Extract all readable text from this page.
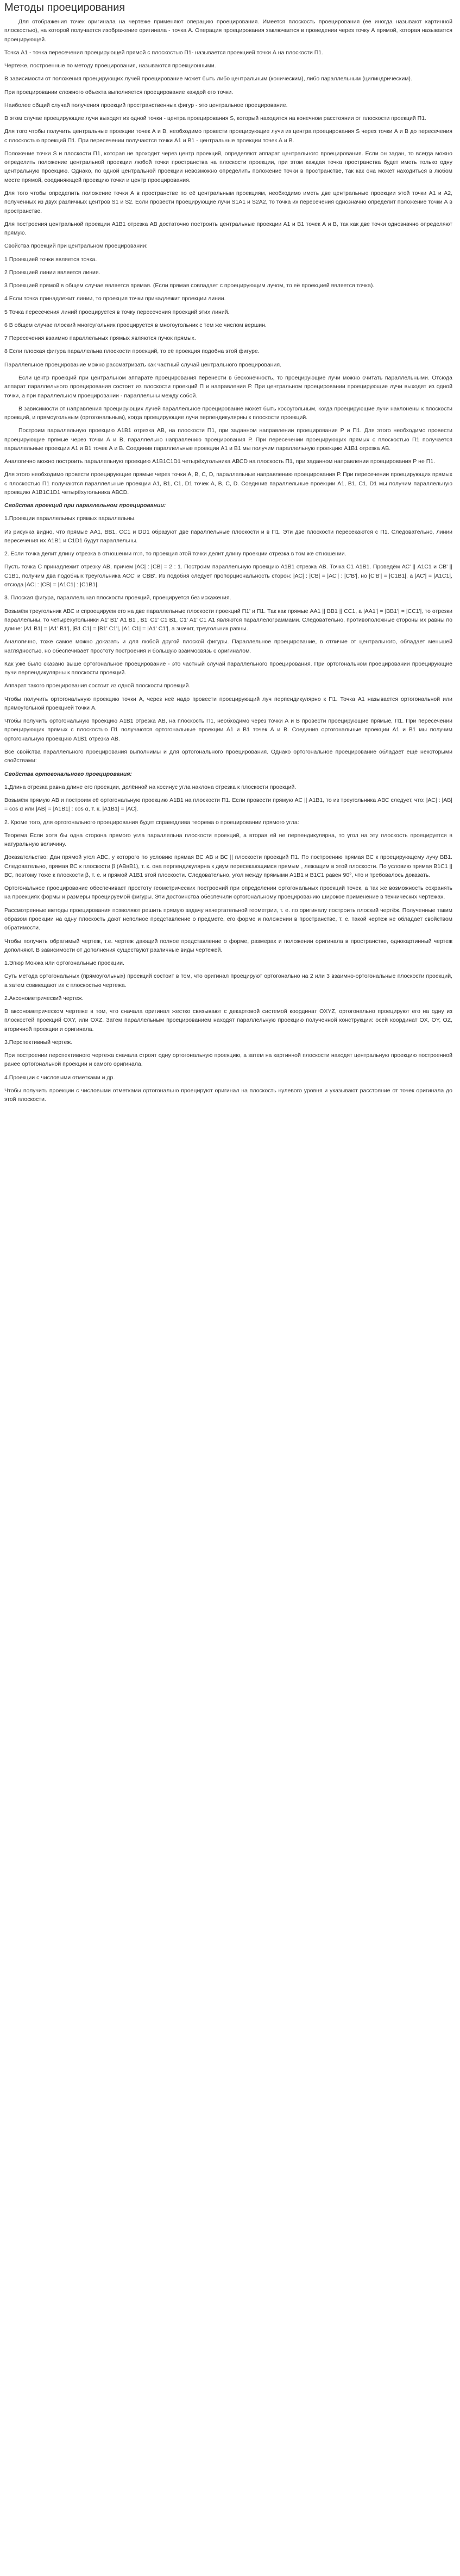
Методы проецирования

Для отображения точек оригинала на чертеже применяют операцию проецирования. Имеется плоскость проецирования (ее иногда называют картинной плоскостью), на которой получается изображение оригинала - точка А. Операция проецирования заключается в проведении через точку А прямой, которая называется проецирующей.

Точка А1 - точка пересечения проецирующей прямой с плоскостью П1- называется проекцией точки А на плоскости П1.

Чертеже, построенные по методу проецирования, называются проекционными.

В зависимости от положения проецирующих лучей проецирование может быть либо центральным (коническим), либо параллельным (цилиндрическим).

При проецировании сложного объекта выполняется проецирование каждой его точки.

Наиболее общий случай получения проекций пространственных фигур - это центральное проецирование.

В этом случае проецирующие лучи выходят из одной точки - центра проецирования S, который находится на конечном расстоянии от плоскости проекций П1.

Для того чтобы получить центральные проекции точек А и В, необходимо провести проецирующие лучи из центра проецирования S через точки А и В до пересечения с плоскостью проекций П1. При пересечении получаются точки А1 и В1 - центральные проекции точек А и В.

Положение точки S и плоскости П1, которая не проходит через центр проекций, определяют аппарат центрального проецирования. Если он задан, то всегда можно определить положение центральной проекции любой точки пространства на плоскости проекции, при этом каждая точка пространства будет иметь только одну центральную проекцию. Однако, по одной центральной проекции невозможно определить положение точки в пространстве, так как она может находиться в любом месте прямой, соединяющей проекцию точки и центр проецирования.

Для того чтобы определить положение точки А в пространстве по её центральным проекциям, необходимо иметь две центральные проекции этой точки А1 и А2, полученных из двух различных центров S1 и S2. Если провести проецирующие лучи S1А1 и S2А2, то точка их пересечения однозначно определит положение точки А в пространстве.

Для построения центральной проекции А1В1 отрезка АВ достаточно построить центральные проекции А1 и В1 точек А и В, так как две точки однозначно определяют прямую.

Свойства проекций при центральном проецировании:

1 Проекцией точки является точка.

2 Проекцией линии является линия.

3 Проекцией прямой в общем случае является прямая. (Если прямая совпадает с проецирующим лучом, то её проекцией является точка).

4 Если точка принадлежит линии, то проекция точки принадлежит проекции линии.

5 Точка пересечения линий проецируется в точку пересечения проекций этих линий.

6 В общем случае плоский многоугольник проецируется в многоугольник с тем же числом вершин.

7 Пересечения взаимно параллельных прямых являются пучок прямых.

8 Если плоская фигура параллельна плоскости проекций, то её проекция подобна этой фигуре.

Параллельное проецирование можно рассматривать как частный случай центрального проецирования.

Если центр проекций при центральном аппарате проецирования перенести в бесконечность, то проецирующие лучи можно считать параллельными. Отсюда аппарат параллельного проецирования состоит из плоскости проекций П и направления Р. При центральном проецировании проецирующие лучи выходят из одной точки, а при параллельном проецировании - параллельны между собой.

В зависимости от направления проецирующих лучей параллельное проецирование может быть косоугольным, когда проецирующие лучи наклонены к плоскости проекций, и прямоугольным (ортогональным), когда проецирующие лучи перпендикулярны к плоскости проекций.

Построим параллельную проекцию А1В1 отрезка АВ, на плоскости П1, при заданном направлении проецирования Р и П1. Для этого необходимо провести проецирующие прямые через точки А и В, параллельно направлению проецирования Р. При пересечении проецирующих прямых с плоскостью П1 получается параллельные проекции А1 и В1 точек А и В. Соединив параллельные проекции А1 и В1 мы получим параллельную проекцию А1В1 отрезка АВ.

Аналогично можно построить параллельную проекцию А1В1С1D1 четырёхугольника АВСD на плоскость П1, при заданном направлении проецирования Р не П1.

Для этого необходимо провести проецирующие прямые через точки А, В, С, D, параллельные направлению проецирования Р. При пересечении проецирующих прямых с плоскостью П1 получаются параллельные проекции А1, В1, С1, D1 точек А, В, С, D. Соединив параллельные проекции А1, В1, С1, D1 мы получим параллельную проекцию А1В1С1D1 четырёхугольника АВСD.

Свойства проекций при параллельном проецировании:

1.Проекции параллельных прямых параллельны.

Из рисунка видно, что прямые АА1, ВВ1, СС1 и DD1 образуют две параллельные плоскости и в П1. Эти две плоскости пересекаются с П1. Следовательно, линии пересечения их А1В1 и С1D1 будут параллельны.

2. Если точка делит длину отрезка в отношении m:n, то проекция этой точки делит длину проекции отрезка в том же отношении.

Пусть точка С принадлежит отрезку АВ, причем |АС| : |СВ| = 2 : 1. Построим параллельную проекцию А1В1 отрезка АВ. Точка С1 А1В1. Проведём АС' || А1С1 и СВ' || С1В1, получим два подобных треугольника АСС' и СВВ'. Из подобия следует пропорциональность сторон: |АС| : |СВ| = |АС'| : |С'В'|, но |С'В'| = |С1В1|, а |АС'| = |А1С1|, отсюда |АС| : |СВ| = |А1С1| : |С1В1|.

3. Плоская фигура, параллельная плоскости проекций, проецируется без искажения.

Возьмём треугольник АВС и спроецируем его на две параллельные плоскости проекций П1' и П1. Так как прямые АА1 || ВВ1 || СС1, а |АА1'| = |ВВ1'| = |СС1'|, то отрезки параллельны, то четырёхугольники А1' В1' А1 В1 , В1' С1' С1 В1, С1' А1' С1 А1 являются параллелограммами. Следовательно, противоположные стороны их равны по длине: |А1 В1| = |А1' В1'|, |В1 С1| = |В1' С1'|, |А1 С1| = |А1' С1'|, а значит, треугольник равны.

Аналогично, тоже самое можно доказать и для любой другой плоской фигуры. Параллельное проецирование, в отличие от центрального, обладает меньшей наглядностью, но обеспечивает простоту построения и большую взаимосвязь с оригиналом.

Как уже было сказано выше ортогональное проецирование - это частный случай параллельного проецирования. При ортогональном проецировании проецирующие лучи перпендикулярны к плоскости проекций.

Аппарат такого проецирования состоит из одной плоскости проекций.

Чтобы получить ортогональную проекцию точки А, через неё надо провести проецирующий луч перпендикулярно к П1. Точка А1 называется ортогональной или прямоугольной проекцией точки А.

Чтобы получить ортогональную проекцию А1В1 отрезка АВ, на плоскость П1, необходимо через точки А и В провести проецирующие прямые, П1. При пересечении проецирующих прямых с плоскостью П1 получаются ортогональные проекции А1 и В1 точек А и В. Соединив ортогональные проекции А1 и В1 мы получим ортогональную проекцию А1В1 отрезка АВ.

Все свойства параллельного проецирования выполнимы и для ортогонального проецирования. Однако ортогональное проецирование обладает ещё некоторыми свойствами:

Свойства ортогонального проецирования:

1.Длина отрезка равна длине его проекции, делённой на косинус угла наклона отрезка к плоскости проекций.

Возьмём прямую АВ и построим её ортогональную проекцию А1В1 на плоскости П1. Если провести прямую АС || А1В1, то из треугольника АВС следует, что: |АС| : |АВ| = cos α или |АВ| = |А1В1| : cos α, т. к. |А1В1| = |АС|.

2. Кроме того, для ортогонального проецирования будет справедлива теорема о проецировании прямого угла:

Теорема Если хотя бы одна сторона прямого угла параллельна плоскости проекций, а вторая ей не перпендикулярна, то угол на эту плоскость проецируется в натуральную величину.

Доказательство: Дан прямой угол АВС, у которого по условию прямая ВС АВ и ВС || плоскости проекций П1. По построению прямая ВС к проецирующему лучу ВВ1. Следовательно, прямая ВС к плоскости β (АВвВ1), т. к. она перпендикулярна к двум пересекающимся прямым , лежащим в этой плоскости. По условию прямая В1С1 || ВС, поэтому тоже к плоскости β, т. е. и прямой А1В1 этой плоскости. Следовательно, угол между прямыми А1В1 и В1С1 равен 90°, что и требовалось доказать.

Ортогональное проецирование обеспечивает простоту геометрических построений при определении ортогональных проекций точек, а так же возможность сохранять на проекциях формы и размеры проецируемой фигуры. Эти достоинства обеспечили ортогональному проецированию широкое применение в технических чертежах.

Рассмотренные методы проецирования позволяют решить прямую задачу начертательной геометрии, т. е. по оригиналу построить плоский чертёж. Полученные таким образом проекции на одну плоскость дают неполное представление о предмете, его форме и положении в пространстве, т. е. такой чертеж не обладает свойством обратимости.

Чтобы получить обратимый чертеж, т.е. чертеж дающий полное представление о форме, размерах и положении оригинала в пространстве, однокартинный чертеж дополняют. В зависимости от дополнения существуют различные виды чертежей.

1.Эпюр Монжа или ортогональные проекции.

Суть метода ортогональных (прямоугольных) проекций состоит в том, что оригинал проецируют ортогонально на 2 или 3 взаимно-ортогональные плоскости проекций, а затем совмещают их с плоскостью чертежа.

2.Аксонометрический чертеж.

В аксонометрическом чертеже в том, что сначала оригинал жестко связывают с декартовой системой координат OXYZ, ортогонально проецируют его на одну из плоскостей проекций OXY, или OXZ. Затем параллельным проецированием находят параллельную проекцию полученной конструкции: осей координат OX, OY, OZ, вторичной проекции и оригинала.

3.Перспективный чертеж.

При построении перспективного чертежа сначала строят одну ортогональную проекцию, а затем на картинной плоскости находят центральную проекцию построенной ранее ортогональной проекции и самого оригинала.

4.Проекции с числовыми отметками и др.

Чтобы получить проекции с числовыми отметками ортогонально проецируют оригинал на плоскость нулевого уровня и указывают расстояние от точек оригинала до этой плоскости.
